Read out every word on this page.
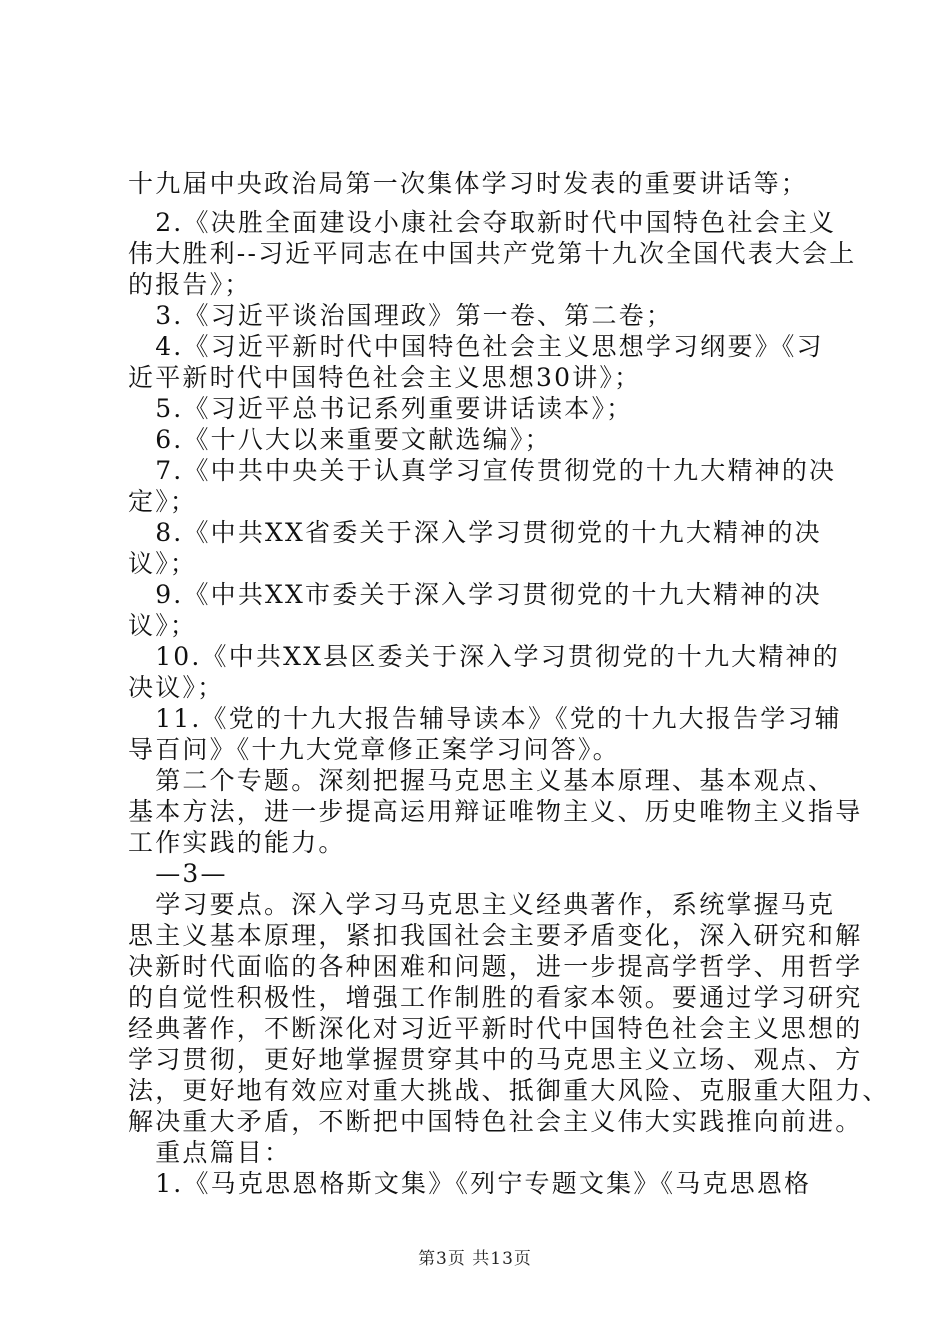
十九届中央政治局第一次集体学习时发表的重要讲话等；
　2.《决胜全面建设小康社会夺取新时代中国特色社会主义
伟大胜利--习近平同志在中国共产党第十九次全国代表大会上
的报告》；
　3.《习近平谈治国理政》第一卷、第二卷；
　4.《习近平新时代中国特色社会主义思想学习纲要》《习
近平新时代中国特色社会主义思想30讲》；
　5.《习近平总书记系列重要讲话读本》；
　6.《十八大以来重要文献选编》；
　7.《中共中央关于认真学习宣传贯彻党的十九大精神的决
定》；
　8.《中共XX省委关于深入学习贯彻党的十九大精神的决
议》；
　9.《中共XX市委关于深入学习贯彻党的十九大精神的决
议》；
　10.《中共XX县区委关于深入学习贯彻党的十九大精神的
决议》；
　11.《党的十九大报告辅导读本》《党的十九大报告学习辅
导百问》《十九大党章修正案学习问答》。
　第二个专题。深刻把握马克思主义基本原理、基本观点、
基本方法，进一步提高运用辩证唯物主义、历史唯物主义指导
工作实践的能力。
　—3—
　学习要点。深入学习马克思主义经典著作，系统掌握马克
思主义基本原理，紧扣我国社会主要矛盾变化，深入研究和解
决新时代面临的各种困难和问题，进一步提高学哲学、用哲学
的自觉性积极性，增强工作制胜的看家本领。要通过学习研究
经典著作，不断深化对习近平新时代中国特色社会主义思想的
学习贯彻，更好地掌握贯穿其中的马克思主义立场、观点、方
法，更好地有效应对重大挑战、抵御重大风险、克服重大阻力、
解决重大矛盾，不断把中国特色社会主义伟大实践推向前进。
　重点篇目：
　1.《马克思恩格斯文集》《列宁专题文集》《马克思恩格
第3页 共13页
